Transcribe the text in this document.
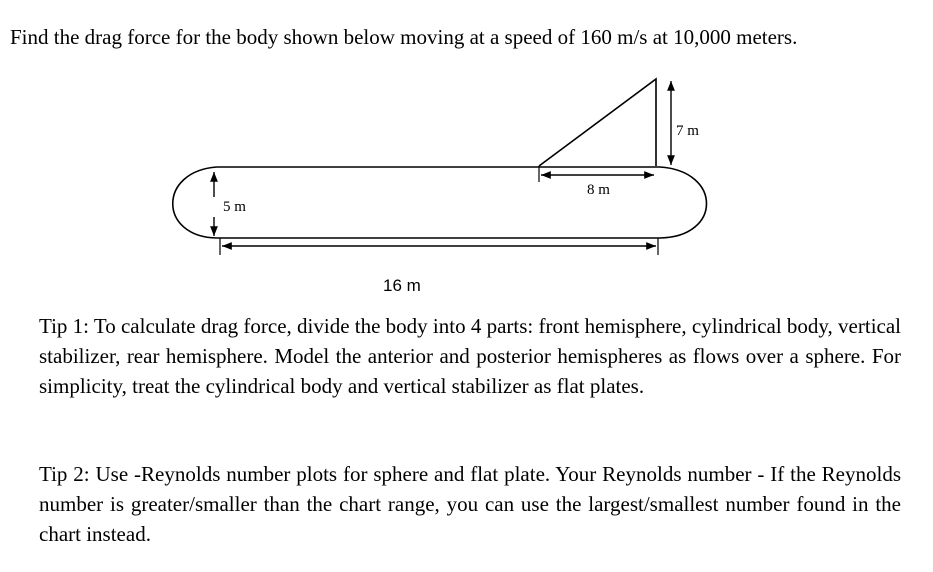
Find the drag force for the body shown below moving at a speed of 160 m/s at 10,000 meters.
5 m
16 m
8 m
7 m
Tip 1: To calculate drag force, divide the body into 4 parts: front hemisphere, cylindrical body, vertical stabilizer, rear hemisphere. Model the anterior and posterior hemispheres as flows over a sphere. For simplicity, treat the cylindrical body and vertical stabilizer as flat plates.
Tip 2: Use -Reynolds number plots for sphere and flat plate. Your Reynolds number - If the Reynolds number is greater/smaller than the chart range, you can use the largest/smallest number found in the chart instead.
